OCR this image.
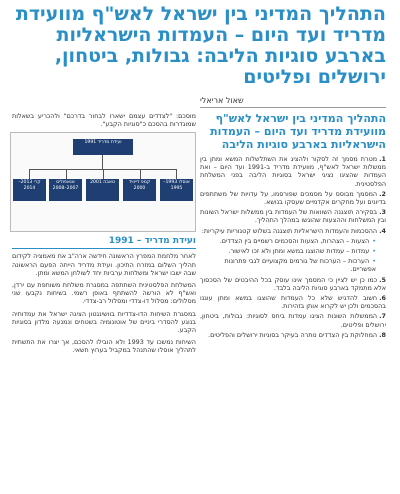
התהליך המדיני בין ישראל לאש"ף מוועידת מדריד ועד היום – העמדות הישראליות בארבע סוגיות הליבה: גבולות, ביטחון, ירושלים ופליטים
שאול אריאלי
התהליך המדיני בין ישראל לאש"ף מוועידת מדריד ועד היום – העמדות הישראליות בארבע סוגיות הליבה

1.מטרת מסמך זה לסקור ולהציג את השתלשלות המשא ומתן בין ממשלות ישראל לאש"ף, מוועידת מדריד ב-1991 ועד היום – ואת העמדות שהציגו נציגי ישראל בסוגיות הליבה בפני המשלחת הפלסטינית.

2.המסמך מבוסס על מסמכים שפורסמו, על עדויות של משתתפים בדיונים ועל מחקרים אקדמיים שעסקו בנושא.

3.בסקירה תוצגנה השוואות של העמדות בין ממשלות ישראל השונות ובין המשלחות וההצעות שהוגשו במהלך התהליך.

4.ההסכמות והעמדות הישראליות תוצגנה בשלוש קטגוריות עיקריות:

• הצעות – הצהרות, הצעות והסכמים רשמיים בין הצדדים.

• עמדות – עמדות שהוצגו במשא ומתן ולא זכו לאישור.

• הערכות – הערכות של גורמים מקצועיים לגבי פתרונות אפשריים.

5.כמו כן יש לציין כי המסמך אינו עוסק בכל ההיבטים של הסכסוך אלא מתמקד בארבע סוגיות הליבה בלבד.

6.חשוב להדגיש שלא כל העמדות שהוצגו במשא ומתן עוגנו בהסכמים ולכן יש לקרוא אותן בזהירות.

7.הממשלות השונות הציגו עמדות ביחס לסוגיות: גבולות, ביטחון, ירושלים ופליטים.

8.המחלוקת בין הצדדים נותרה בעיקר בסוגיות ירושלים והפליטים.

מוסכם: "לצדדים עצמם ישארו לבחור בדרכם" ולהכריע בשאלות שמוגדרות בהסכם כ"סוגיות הקבע".

ועידת מדריד 1991
אוסלו 1993–1995
קמפ דייוויד 2000
טאבה 2001
אנאפוליס 2007–2008
קרי 2013–2014
ועידת מדריד – 1991

לאחר מלחמת המפרץ הראשונה חידשה ארה"ב את מאמציה לקידום תהליך השלום במזרח התיכון. ועידת מדריד הייתה הפעם הראשונה שבה ישבו ישראל ומשלחות ערביות יחד לשולחן המשא ומתן.

המשלחת הפלסטינית השתתפה במסגרת משלחת משותפת עם ירדן, ואש"ף לא הורשה להשתתף באופן רשמי. בשיחות נקבעו שני מסלולים: מסלול דו-צדדי ומסלול רב-צדדי.

במסגרת השיחות הדו-צדדיות בוושינגטון הציגה ישראל את עמדותיה בנוגע להסדרי ביניים של אוטונומיה בשטחים ונמנעה מלדון בסוגיות הקבע.

השיחות נמשכו עד 1993 ולא הובילו להסכם, אך יצרו את התשתית לתהליך אוסלו שהתנהל במקביל בערוץ חשאי.
